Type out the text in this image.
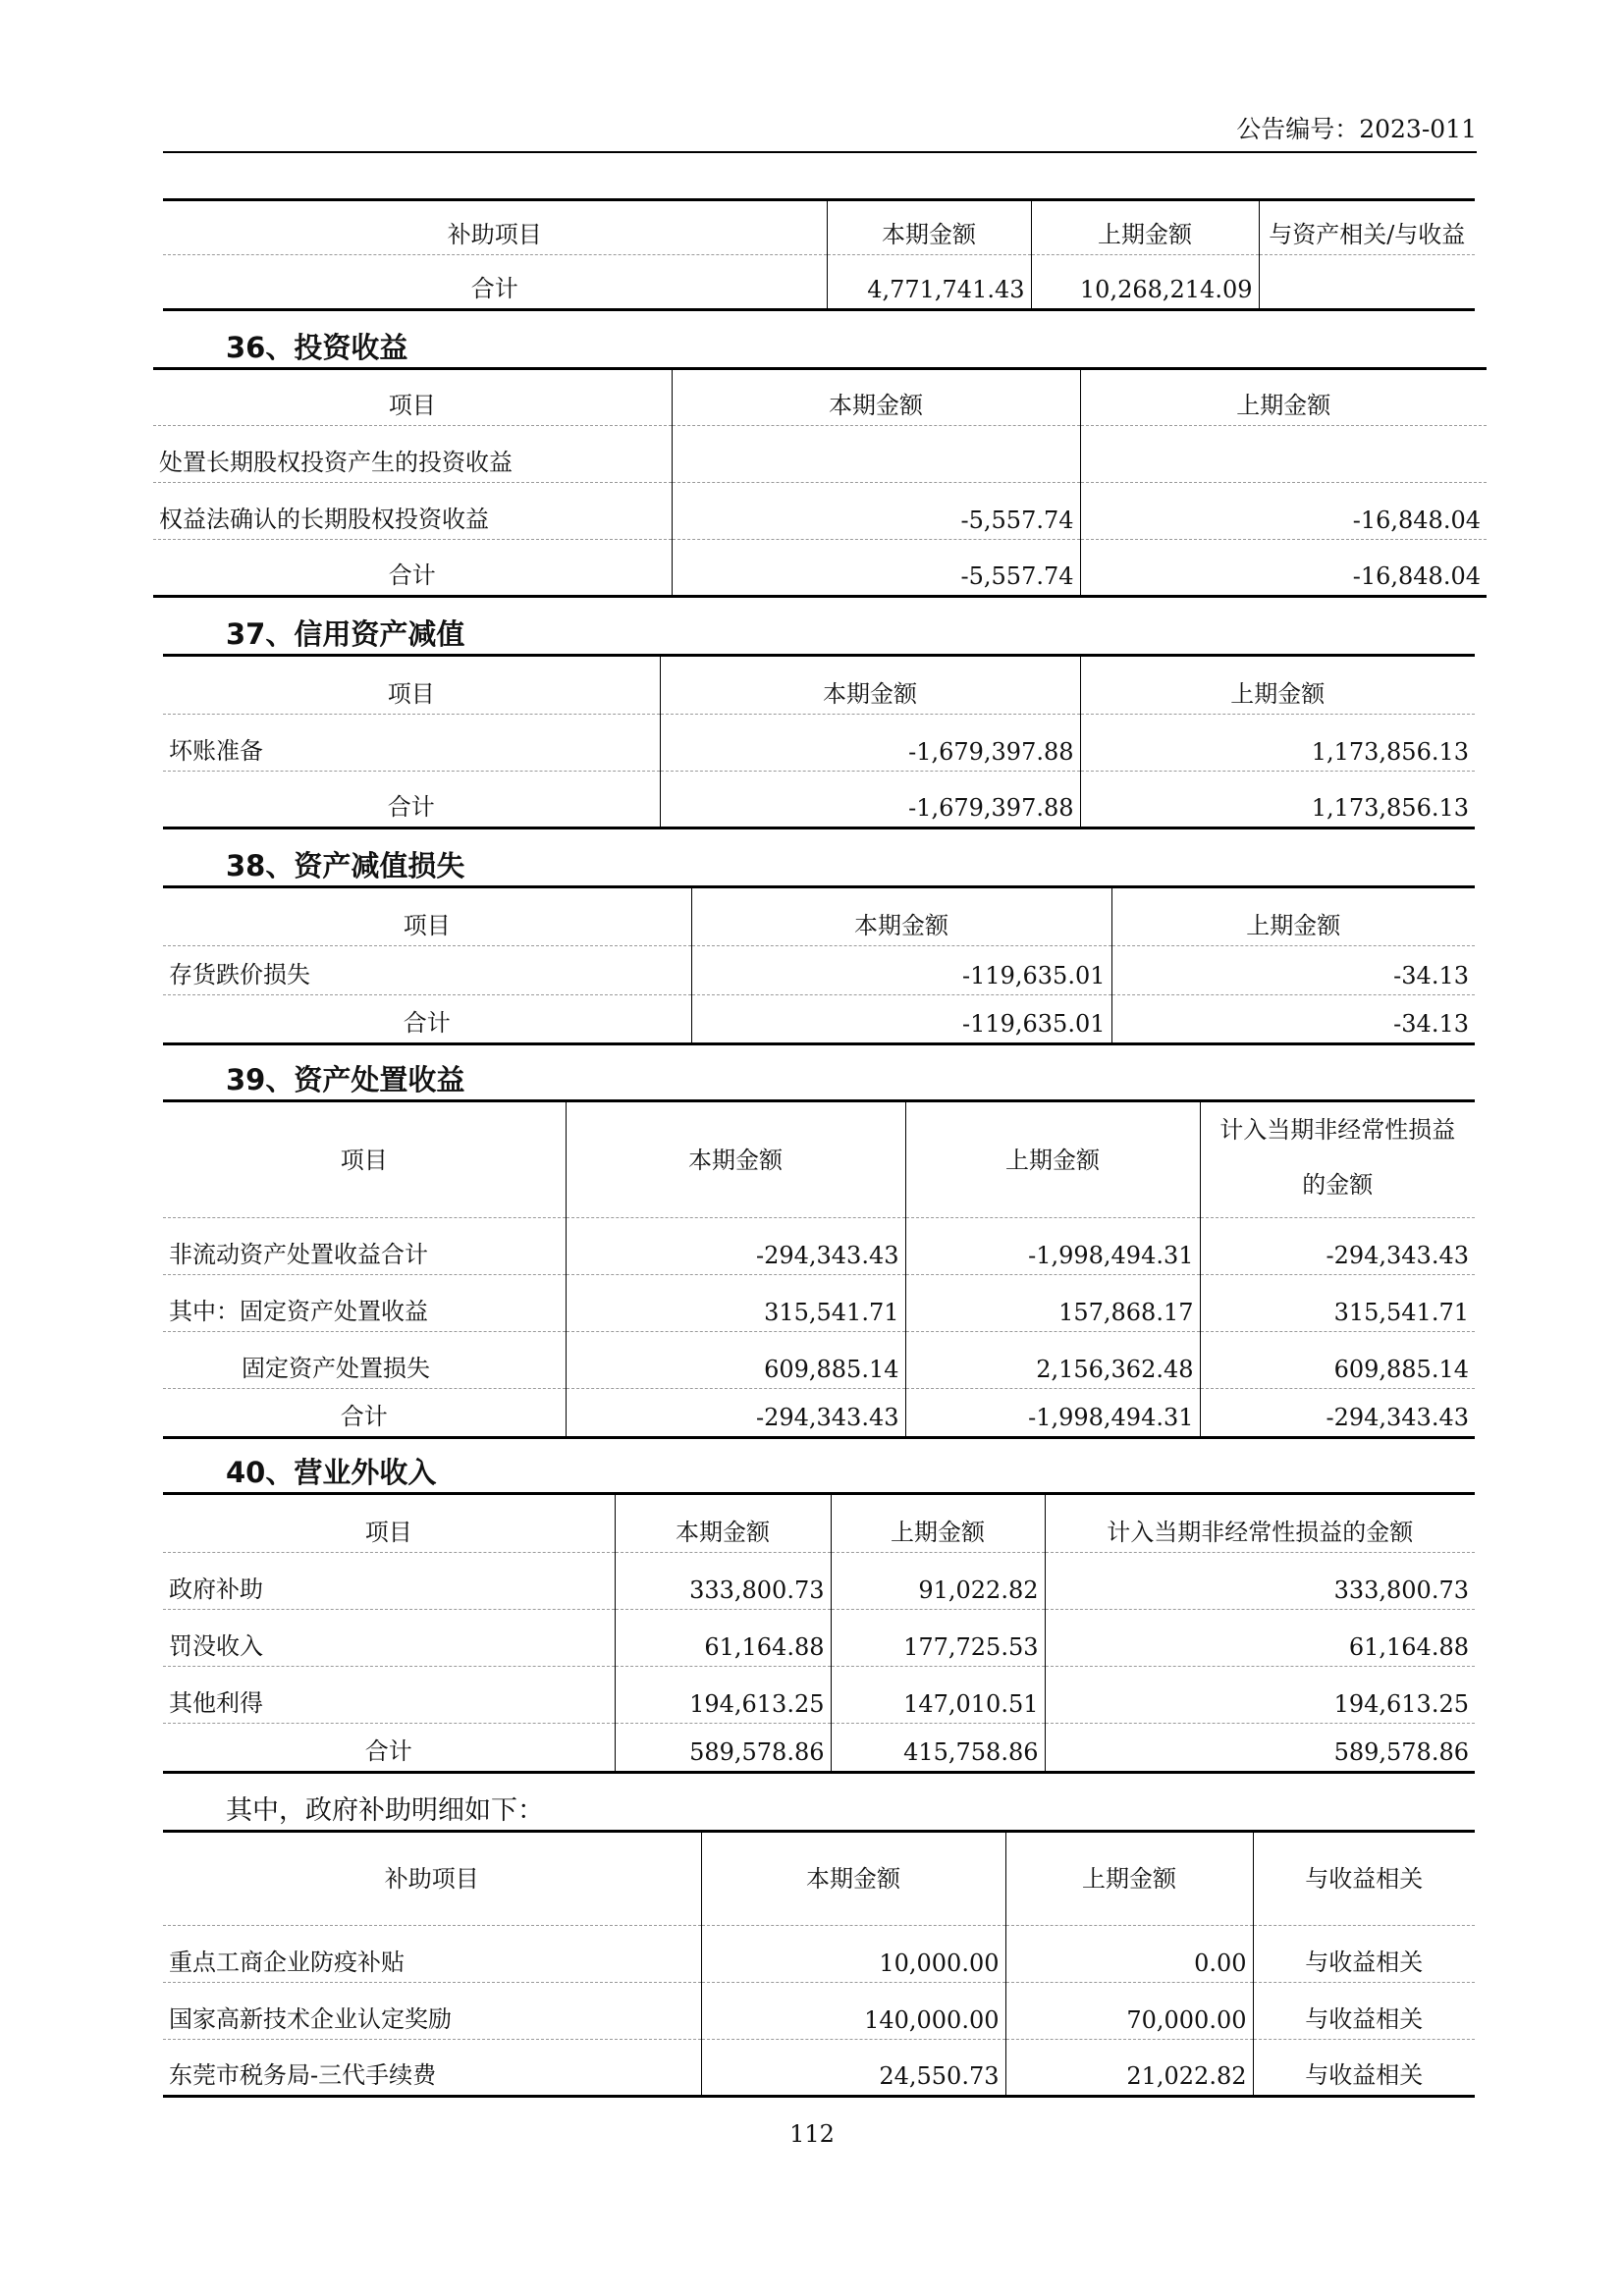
公告编号：2023-011
补助项目	本期金额	上期金额	与资产相关/与收益
合计	4,771,741.43	10,268,214.09	
36、投资收益
项目	本期金额	上期金额
处置长期股权投资产生的投资收益		
权益法确认的长期股权投资收益	-5,557.74	-16,848.04
合计	-5,557.74	-16,848.04
37、信用资产减值
项目	本期金额	上期金额
坏账准备	-1,679,397.88	1,173,856.13
合计	-1,679,397.88	1,173,856.13
38、资产减值损失
项目	本期金额	上期金额
存货跌价损失	-119,635.01	-34.13
合计	-119,635.01	-34.13
39、资产处置收益
项目	本期金额	上期金额	计入当期非经常性损益
的金额
非流动资产处置收益合计	-294,343.43	-1,998,494.31	-294,343.43
其中：固定资产处置收益	315,541.71	157,868.17	315,541.71
固定资产处置损失	609,885.14	2,156,362.48	609,885.14
合计	-294,343.43	-1,998,494.31	-294,343.43
40、营业外收入
项目	本期金额	上期金额	计入当期非经常性损益的金额
政府补助	333,800.73	91,022.82	333,800.73
罚没收入	61,164.88	177,725.53	61,164.88
其他利得	194,613.25	147,010.51	194,613.25
合计	589,578.86	415,758.86	589,578.86
其中，政府补助明细如下：
补助项目	本期金额	上期金额	与收益相关
重点工商企业防疫补贴	10,000.00	0.00	与收益相关
国家高新技术企业认定奖励	140,000.00	70,000.00	与收益相关
东莞市税务局-三代手续费	24,550.73	21,022.82	与收益相关
112
